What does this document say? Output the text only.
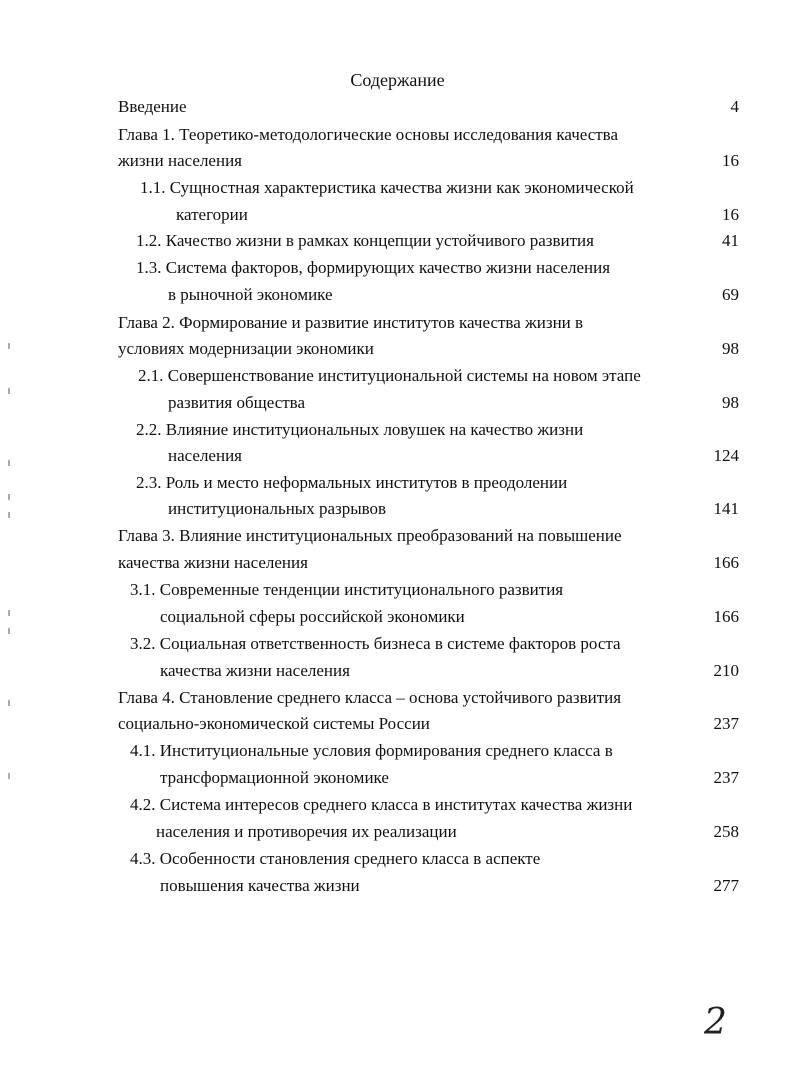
Содержание
Введение	4
Глава 1. Теоретико-методологические основы исследования качества
жизни населения	16
1.1. Сущностная характеристика качества жизни как экономической
категории	16
1.2. Качество жизни в рамках концепции устойчивого развития	41
1.3. Система факторов, формирующих качество жизни населения
в рыночной экономике	69
Глава 2. Формирование и развитие институтов качества жизни в
условиях модернизации экономики	98
2.1. Совершенствование институциональной системы на новом этапе
развития общества	98
2.2. Влияние институциональных ловушек на качество жизни
населения	124
2.3. Роль и место неформальных институтов в преодолении
институциональных разрывов	141
Глава 3. Влияние институциональных преобразований на повышение
качества жизни населения	166
3.1. Современные тенденции институционального развития
социальной сферы российской экономики	166
3.2. Социальная ответственность бизнеса в системе факторов роста
качества жизни населения	210
Глава 4. Становление среднего класса – основа устойчивого развития
социально-экономической системы России	237
4.1. Институциональные условия формирования среднего класса в
трансформационной экономике	237
4.2. Система интересов среднего класса в институтах качества жизни
населения и противоречия их реализации	258
4.3. Особенности становления среднего класса в аспекте
повышения качества жизни	277
2
